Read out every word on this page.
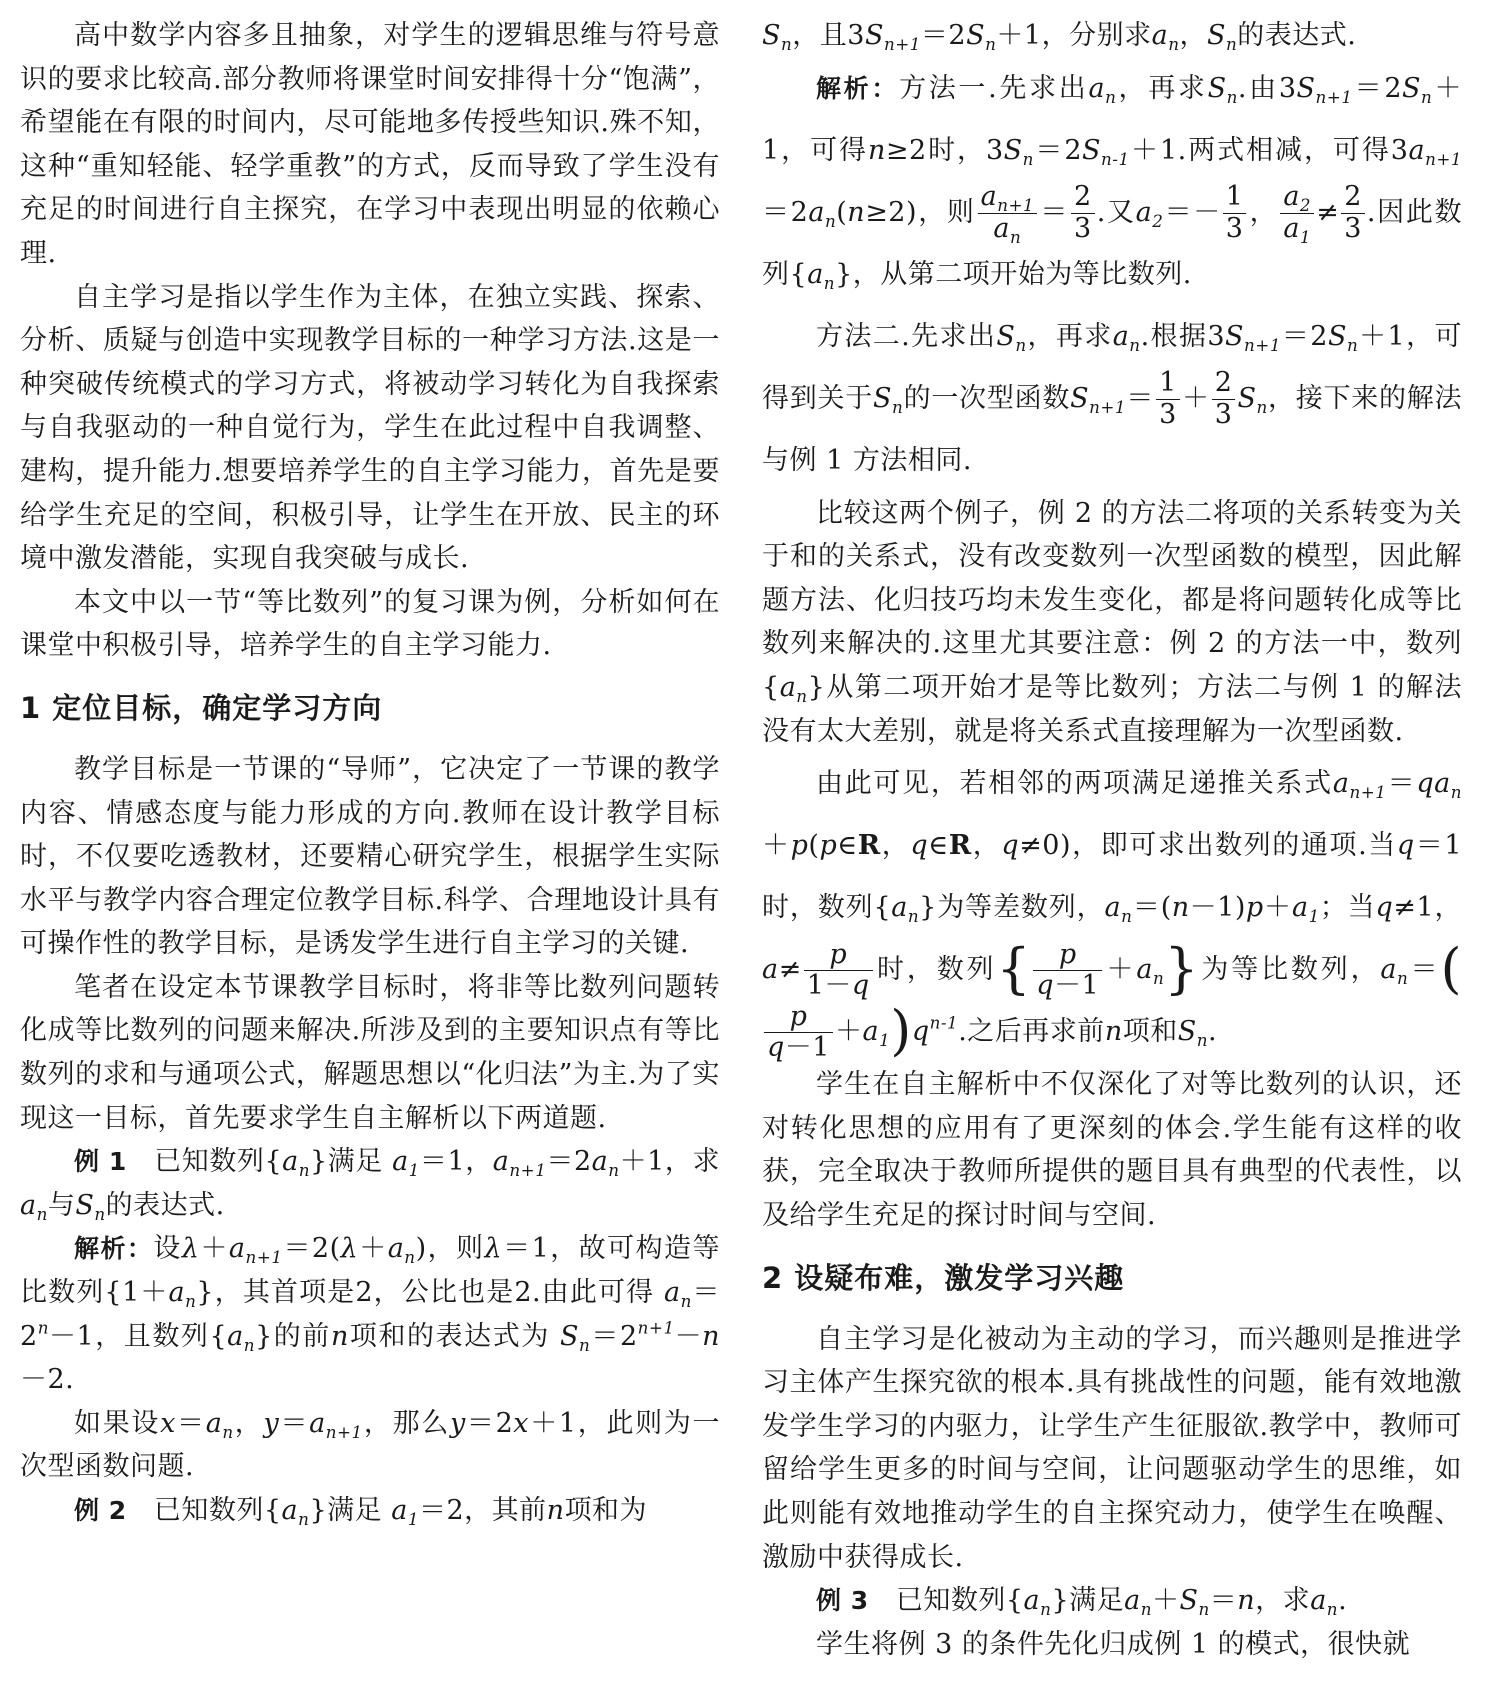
高中数学内容多且抽象，对学生的逻辑思维与符号意识的要求比较高.部分教师将课堂时间安排得十分“饱满”，希望能在有限的时间内，尽可能地多传授些知识.殊不知，这种“重知轻能、轻学重教”的方式，反而导致了学生没有充足的时间进行自主探究，在学习中表现出明显的依赖心理.

自主学习是指以学生作为主体，在独立实践、探索、分析、质疑与创造中实现教学目标的一种学习方法.这是一种突破传统模式的学习方式，将被动学习转化为自我探索与自我驱动的一种自觉行为，学生在此过程中自我调整、建构，提升能力.想要培养学生的自主学习能力，首先是要给学生充足的空间，积极引导，让学生在开放、民主的环境中激发潜能，实现自我突破与成长.

本文中以一节“等比数列”的复习课为例，分析如何在课堂中积极引导，培养学生的自主学习能力.

1 定位目标，确定学习方向

教学目标是一节课的“导师”，它决定了一节课的教学内容、情感态度与能力形成的方向.教师在设计教学目标时，不仅要吃透教材，还要精心研究学生，根据学生实际水平与教学内容合理定位教学目标.科学、合理地设计具有可操作性的教学目标，是诱发学生进行自主学习的关键.

笔者在设定本节课教学目标时，将非等比数列问题转化成等比数列的问题来解决.所涉及到的主要知识点有等比数列的求和与通项公式，解题思想以“化归法”为主.为了实现这一目标，首先要求学生自主解析以下两道题.

例 1 已知数列$\{a_n\}$满足 $a_1=1$，$a_{n+1}=2a_n+1$，求 $a_n$与$S_n$的表达式.

解析：设$\lambda+a_{n+1}=2(\lambda+a_n)$，则λ＝1，故可构造等比数列$\{1+a_n\}$，其首项是2，公比也是2.由此可得 $a_n=2^n-1$，且数列$\{a_n\}$的前n项和的表达式为 $S_n=2^{n+1}-n-2$.

如果设$x=a_n$，$y=a_{n+1}$，那么y＝2x＋1，此则为一次型函数问题.

例 2 已知数列$\{a_n\}$满足 $a_1=2$，其前n项和为

$S_n$，且$3S_{n+1}=2S_n+1$，分别求$a_n$，$S_n$的表达式.

解析：方法一.先求出$a_n$，再求$S_n$.由$3S_{n+1}=2S_n+1$，可得n≥2时，$3S_n=2S_{n-1}+1$.两式相减，可得$3a_{n+1}=2a_n(n\ge 2)$，则 $\frac{a_{n+1}}{a_n} = \frac{2}{3}$ .又$a_2=- \frac{1}{3}$ ， $\frac{a_2}{a_1} \ne \frac{2}{3}$ .因此数列$\{a_n\}$，从第二项开始为等比数列.

方法二.先求出$S_n$，再求$a_n$.根据$3S_{n+1}=2S_n+1$，可得到关于$S_n$的一次型函数$S_{n+1}= \frac{1}{3} + \frac{2}{3} S_n$，接下来的解法与例 1 方法相同.

比较这两个例子，例 2 的方法二将项的关系转变为关于和的关系式，没有改变数列一次型函数的模型，因此解题方法、化归技巧均未发生变化，都是将问题转化成等比数列来解决的.这里尤其要注意：例 2 的方法一中，数列$\{a_n\}$从第二项开始才是等比数列；方法二与例 1 的解法没有太大差别，就是将关系式直接理解为一次型函数.

由此可见，若相邻的两项满足递推关系式$a_{n+1}=qa_n+p(p\in R$，q∈R，q≠0)，即可求出数列的通项.当q＝1时，数列$\{a_n\}$为等差数列，$a_n=(n-1)p+a_1$；当q≠1，$a\ne \frac{p}{1-q}$ 时，数列{ $\frac{p}{q-1} +a_n$}为等比数列，$a_n=$(
$\frac{p}{q-1} +a_1)q^{n-1}$.之后再求前n项和$S_n$.

学生在自主解析中不仅深化了对等比数列的认识，还对转化思想的应用有了更深刻的体会.学生能有这样的收获，完全取决于教师所提供的题目具有典型的代表性，以及给学生充足的探讨时间与空间.

2 设疑布难，激发学习兴趣

自主学习是化被动为主动的学习，而兴趣则是推进学习主体产生探究欲的根本.具有挑战性的问题，能有效地激发学生学习的内驱力，让学生产生征服欲.教学中，教师可留给学生更多的时间与空间，让问题驱动学生的思维，如此则能有效地推动学生的自主探究动力，使学生在唤醒、激励中获得成长.

例 3 已知数列$\{a_n\}$满足$a_n+S_n=n$，求$a_n$.

学生将例 3 的条件先化归成例 1 的模式，很快就
